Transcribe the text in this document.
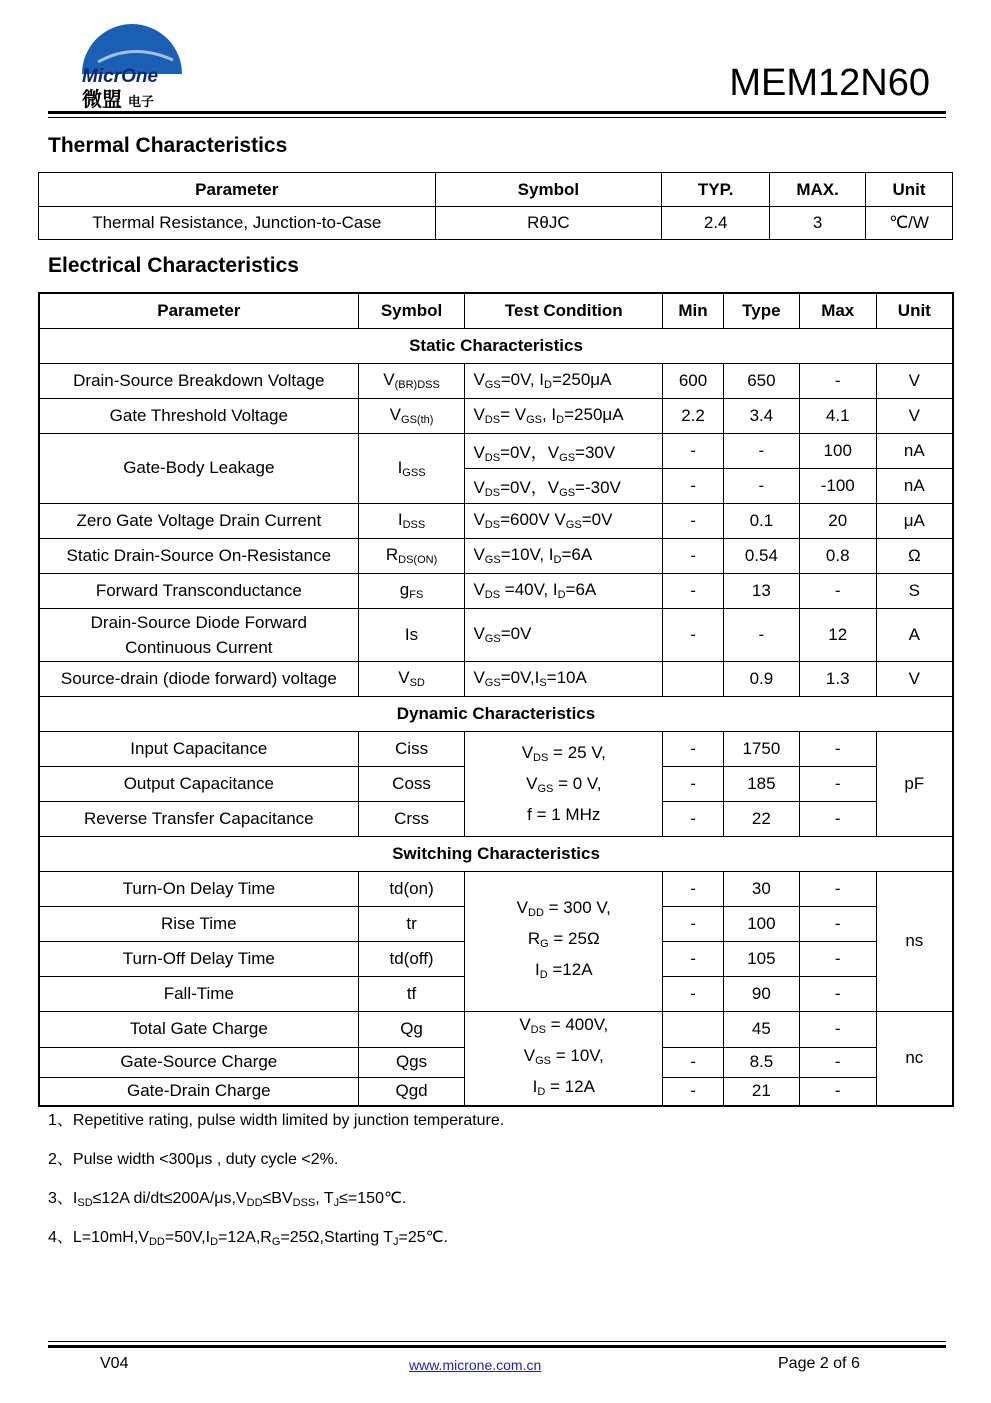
MicrOne
微盟 电子	MEM12N60
Thermal Characteristics
Parameter	Symbol	TYP.	MAX.	Unit
Thermal Resistance, Junction-to-Case	RθJC	2.4	3	℃/W
Electrical Characteristics
Parameter	Symbol	Test Condition	Min	Type	Max	Unit
Static Characteristics						
Drain-Source Breakdown Voltage	$V_{(BR)DSS}$	$V_{GS}=0V$, $I_D=250\mu A$	600	650	-	V
Gate Threshold Voltage	$V_{GS(th)}$	$V_{DS}= V_{GS}$, $I_D=250\mu A$	2.2	3.4	4.1	V
Gate-Body Leakage	$I_{GSS}$	$V_{DS}=0V$，$V_{GS}=30V$	-	-	100	nA
		$V_{DS}=0V$，$V_{GS}=-30V$	-	-	-100	nA
Zero Gate Voltage Drain Current	$I_{DSS}$	$V_{DS}=600V$ $V_{GS}=0V$	-	0.1	20	μA
Static Drain-Source On-Resistance	$R_{DS(ON)}$	$V_{GS}=10V$, $I_D=6A$	-	0.54	0.8	Ω
Forward Transconductance	$g_{FS}$	$V_{DS} =40V$, $I_D=6A$	-	13	-	S
Drain-Source Diode Forward
Continuous Current	Is	$V_{GS}=0V$	-	-	12	A
Source-drain (diode forward) voltage	$V_{SD}$	$V_{GS}=0V,I_S=10A$		0.9	1.3	V
Dynamic Characteristics						
Input Capacitance	Ciss	$V_{DS} = 25$ V,
$V_{GS} = 0$ V,
f = 1 MHz	-	1750	-	pF
Output Capacitance	Coss		-	185	-	
Reverse Transfer Capacitance	Crss		-	22	-	
Switching Characteristics						
Turn-On Delay Time	td(on)	$V_{DD} = 300$ V,
$R_G = 25\Omega$
$I_D =12A$	-	30	-	ns
Rise Time	tr		-	100	-	
Turn-Off Delay Time	td(off)		-	105	-	
Fall-Time	tf		-	90	-	
Total Gate Charge	Qg	$V_{DS} = 400V$,
$V_{GS} = 10V$,
$I_D = 12A$		45	-	nc
Gate-Source Charge	Qgs		-	8.5	-	
Gate-Drain Charge	Qgd		-	21	-	
1、Repetitive rating, pulse width limited by junction temperature.
2、Pulse width <300μs , duty cycle <2%.
3、$I_{SD}\le 12A$ $di/dt\le 200A/\mu s,V_{DD}\le BV_{DSS}$, $T_J\le=150℃$.
4、$L=10mH,V_{DD}=50V,I_D=12A,R_G=25\Omega,Starting$ $T_J=25℃$.
V04	www.microne.com.cn	Page 2 of 6
